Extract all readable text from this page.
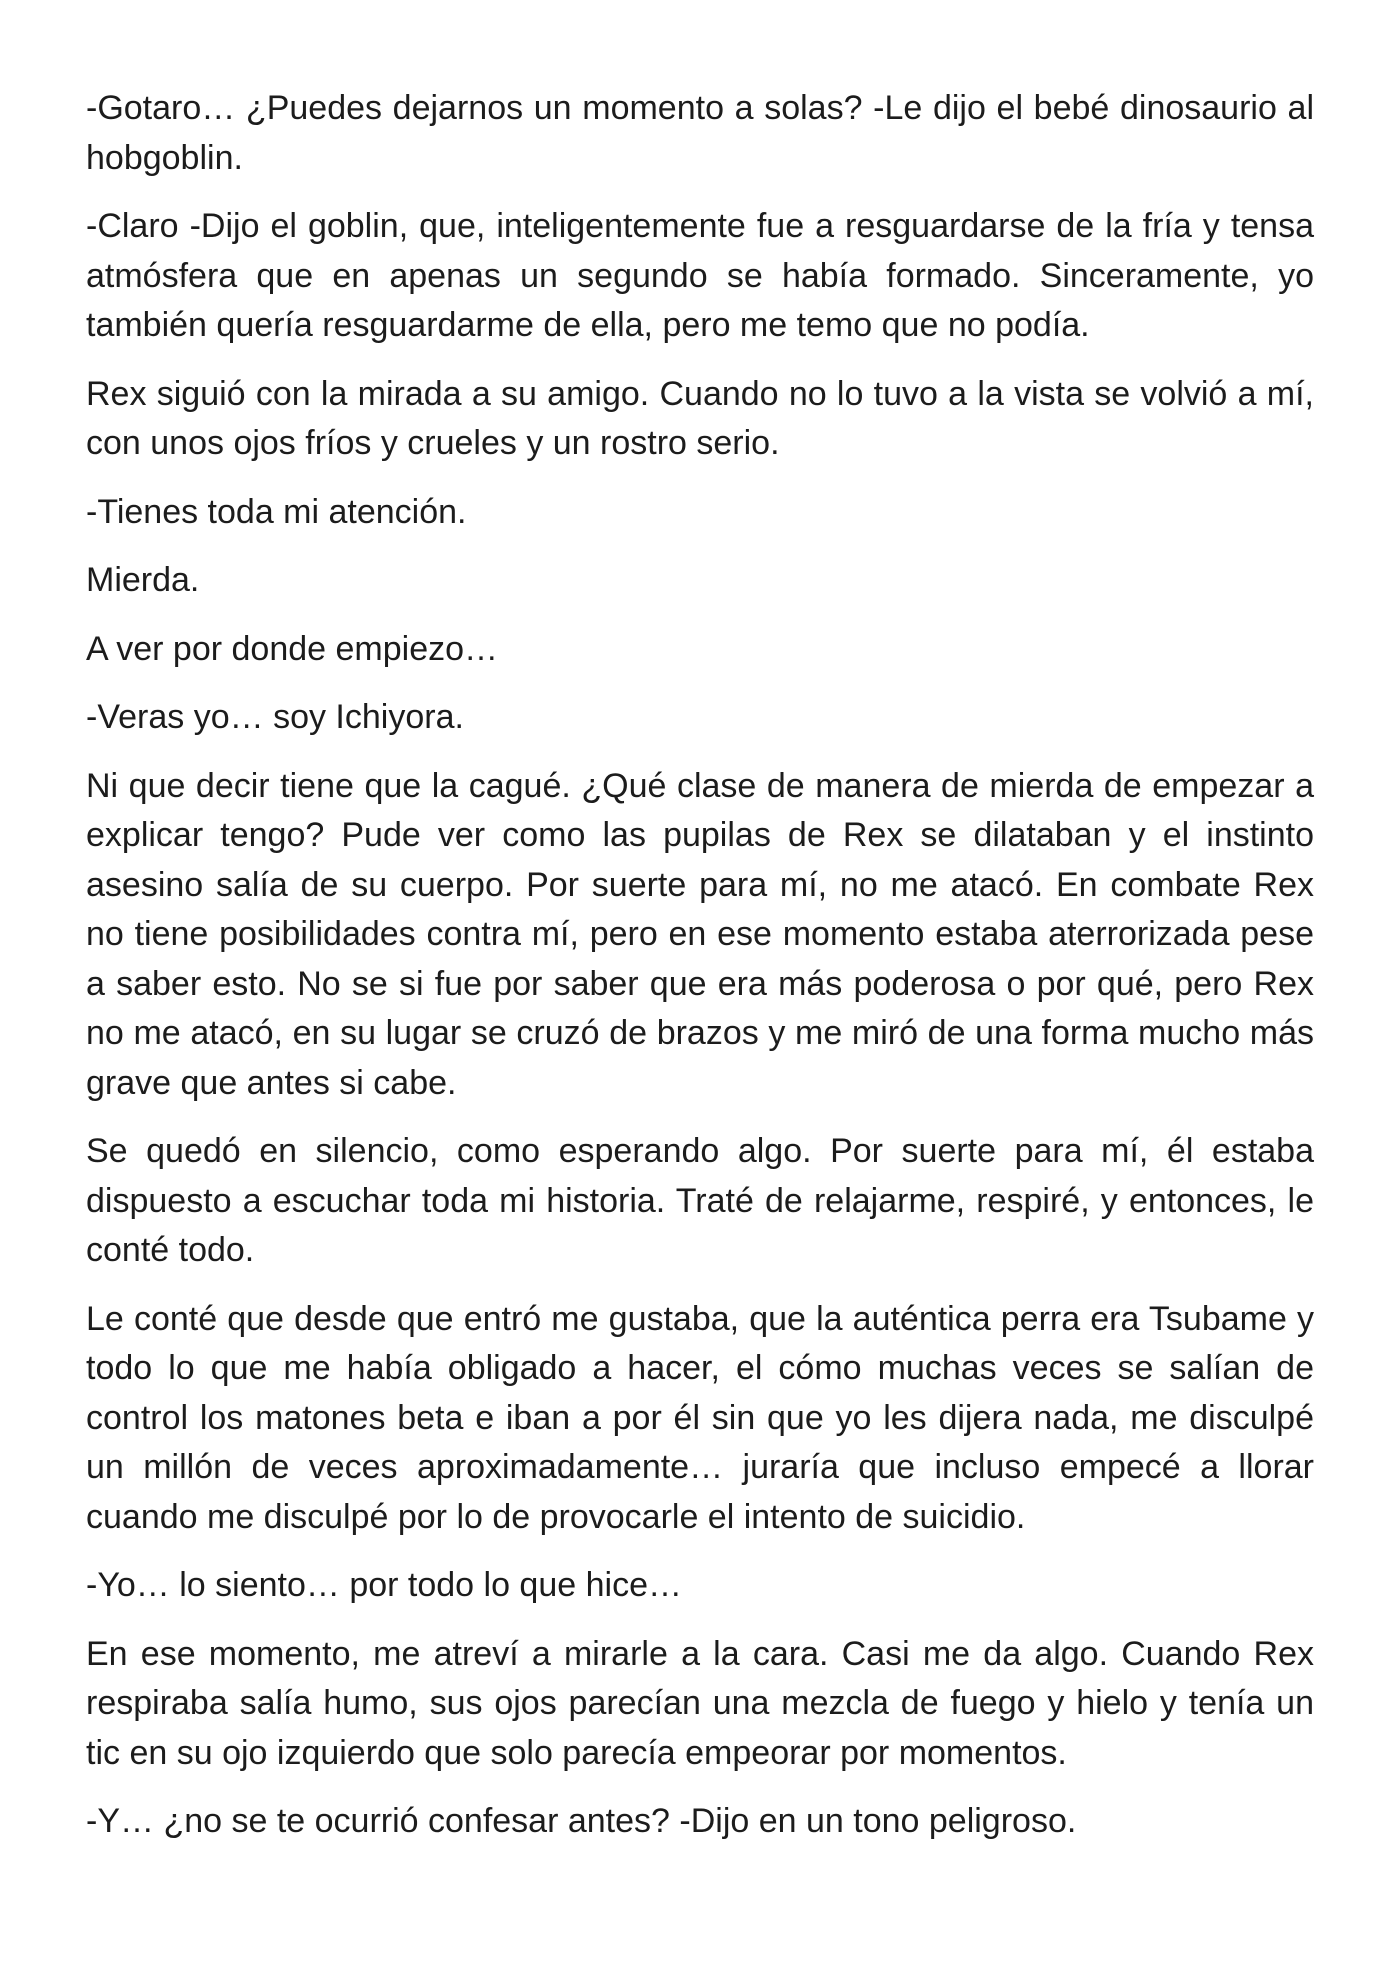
-Gotaro… ¿Puedes dejarnos un momento a solas? -Le dijo el bebé dinosaurio al hobgoblin.

-Claro -Dijo el goblin, que, inteligentemente fue a resguardarse de la fría y tensa atmósfera que en apenas un segundo se había formado. Sinceramente, yo también quería resguardarme de ella, pero me temo que no podía.

Rex siguió con la mirada a su amigo. Cuando no lo tuvo a la vista se volvió a mí, con unos ojos fríos y crueles y un rostro serio.

-Tienes toda mi atención.

Mierda.

A ver por donde empiezo…

-Veras yo… soy Ichiyora.

Ni que decir tiene que la cagué. ¿Qué clase de manera de mierda de empezar a explicar tengo? Pude ver como las pupilas de Rex se dilataban y el instinto asesino salía de su cuerpo. Por suerte para mí, no me atacó. En combate Rex no tiene posibilidades contra mí, pero en ese momento estaba aterrorizada pese a saber esto. No se si fue por saber que era más poderosa o por qué, pero Rex no me atacó, en su lugar se cruzó de brazos y me miró de una forma mucho más grave que antes si cabe.

Se quedó en silencio, como esperando algo. Por suerte para mí, él estaba dispuesto a escuchar toda mi historia. Traté de relajarme, respiré, y entonces, le conté todo.

Le conté que desde que entró me gustaba, que la auténtica perra era Tsubame y todo lo que me había obligado a hacer, el cómo muchas veces se salían de control los matones beta e iban a por él sin que yo les dijera nada, me disculpé un millón de veces aproximadamente… juraría que incluso empecé a llorar cuando me disculpé por lo de provocarle el intento de suicidio.

-Yo… lo siento… por todo lo que hice…

En ese momento, me atreví a mirarle a la cara. Casi me da algo. Cuando Rex respiraba salía humo, sus ojos parecían una mezcla de fuego y hielo y tenía un tic en su ojo izquierdo que solo parecía empeorar por momentos.

-Y… ¿no se te ocurrió confesar antes? -Dijo en un tono peligroso.
